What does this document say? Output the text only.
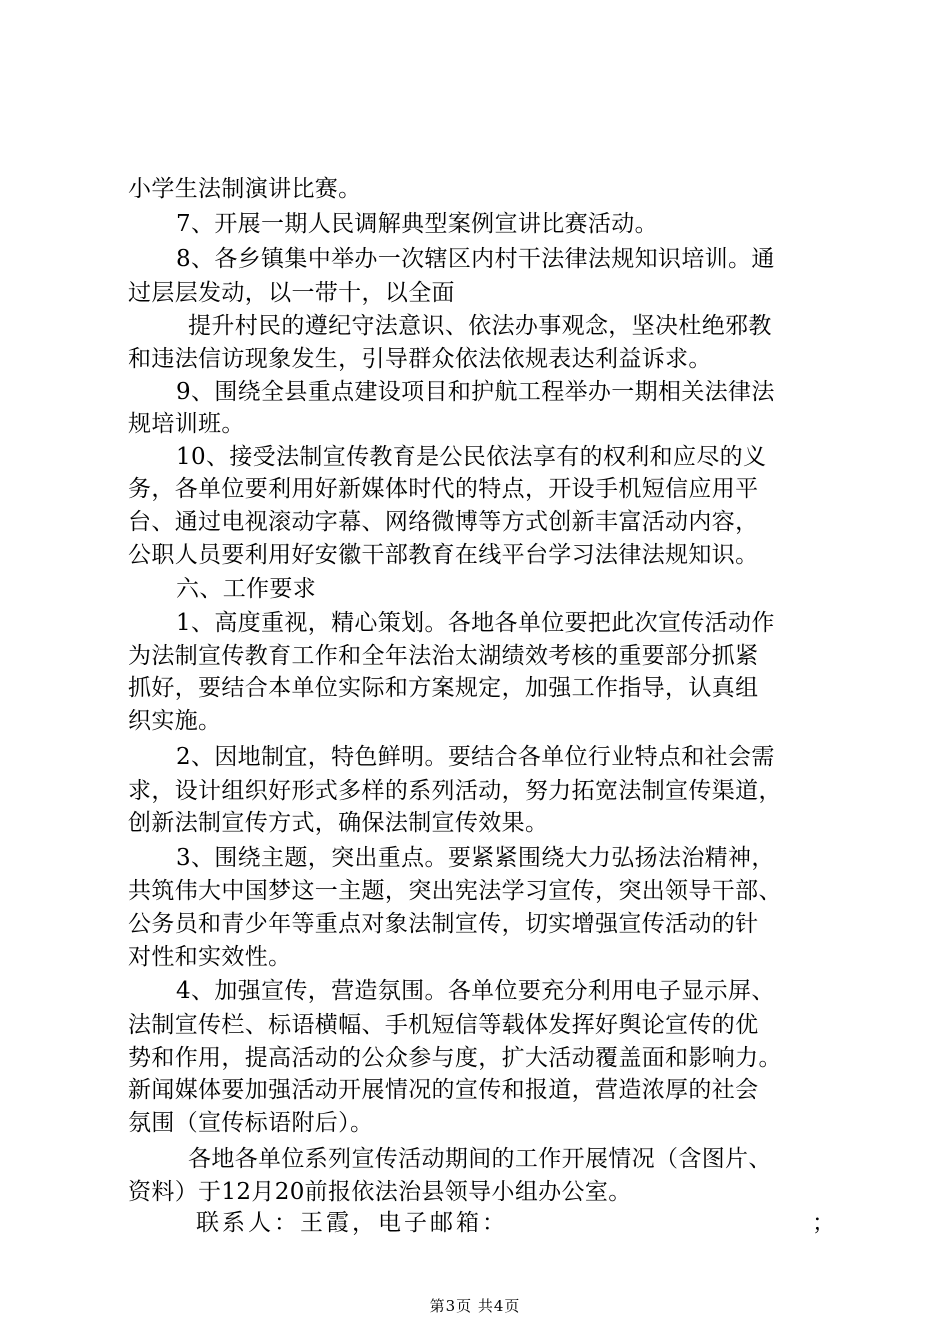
小学生法制演讲比赛。
7、开展一期人民调解典型案例宣讲比赛活动。
8、各乡镇集中举办一次辖区内村干法律法规知识培训。通
过层层发动，以一带十，以全面
提升村民的遵纪守法意识、依法办事观念，坚决杜绝邪教
和违法信访现象发生，引导群众依法依规表达利益诉求。
9、围绕全县重点建设项目和护航工程举办一期相关法律法
规培训班。
10、接受法制宣传教育是公民依法享有的权利和应尽的义
务，各单位要利用好新媒体时代的特点，开设手机短信应用平
台、通过电视滚动字幕、网络微博等方式创新丰富活动内容，
公职人员要利用好安徽干部教育在线平台学习法律法规知识。
六、工作要求
1、高度重视，精心策划。各地各单位要把此次宣传活动作
为法制宣传教育工作和全年法治太湖绩效考核的重要部分抓紧
抓好，要结合本单位实际和方案规定，加强工作指导，认真组
织实施。
2、因地制宜，特色鲜明。要结合各单位行业特点和社会需
求，设计组织好形式多样的系列活动，努力拓宽法制宣传渠道，
创新法制宣传方式，确保法制宣传效果。
3、围绕主题，突出重点。要紧紧围绕大力弘扬法治精神，
共筑伟大中国梦这一主题，突出宪法学习宣传，突出领导干部、
公务员和青少年等重点对象法制宣传，切实增强宣传活动的针
对性和实效性。
4、加强宣传，营造氛围。各单位要充分利用电子显示屏、
法制宣传栏、标语横幅、手机短信等载体发挥好舆论宣传的优
势和作用，提高活动的公众参与度，扩大活动覆盖面和影响力。
新闻媒体要加强活动开展情况的宣传和报道，营造浓厚的社会
氛围（宣传标语附后）。
各地各单位系列宣传活动期间的工作开展情况（含图片、
资料）于12月20前报依法治县领导小组办公室。
联系人：王霞，电子邮箱：	；
第3页 共4页
